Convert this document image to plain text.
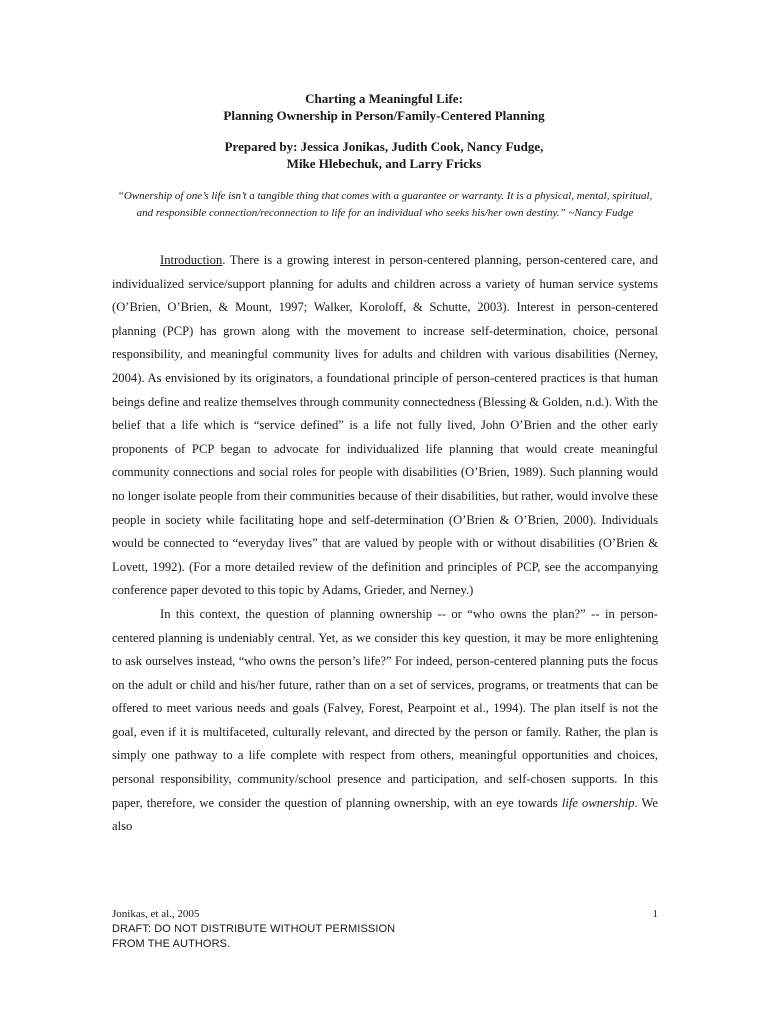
Charting a Meaningful Life:
Planning Ownership in Person/Family-Centered Planning
Prepared by: Jessica Jonikas, Judith Cook, Nancy Fudge,
Mike Hlebechuk, and Larry Fricks
“Ownership of one’s life isn’t a tangible thing that comes with a guarantee or warranty. It is a physical, mental, spiritual, and responsible connection/reconnection to life for an individual who seeks his/her own destiny.” ~Nancy Fudge

Introduction. There is a growing interest in person-centered planning, person-centered care, and individualized service/support planning for adults and children across a variety of human service systems (O’Brien, O’Brien, & Mount, 1997; Walker, Koroloff, & Schutte, 2003). Interest in person-centered planning (PCP) has grown along with the movement to increase self-determination, choice, personal responsibility, and meaningful community lives for adults and children with various disabilities (Nerney, 2004). As envisioned by its originators, a foundational principle of person-centered practices is that human beings define and realize themselves through community connectedness (Blessing & Golden, n.d.). With the belief that a life which is “service defined” is a life not fully lived, John O’Brien and the other early proponents of PCP began to advocate for individualized life planning that would create meaningful community connections and social roles for people with disabilities (O’Brien, 1989). Such planning would no longer isolate people from their communities because of their disabilities, but rather, would involve these people in society while facilitating hope and self-determination (O’Brien & O’Brien, 2000). Individuals would be connected to “everyday lives” that are valued by people with or without disabilities (O’Brien & Lovett, 1992). (For a more detailed review of the definition and principles of PCP, see the accompanying conference paper devoted to this topic by Adams, Grieder, and Nerney.)

In this context, the question of planning ownership -- or “who owns the plan?” -- in person-centered planning is undeniably central. Yet, as we consider this key question, it may be more enlightening to ask ourselves instead, “who owns the person’s life?” For indeed, person-centered planning puts the focus on the adult or child and his/her future, rather than on a set of services, programs, or treatments that can be offered to meet various needs and goals (Falvey, Forest, Pearpoint et al., 1994). The plan itself is not the goal, even if it is multifaceted, culturally relevant, and directed by the person or family. Rather, the plan is simply one pathway to a life complete with respect from others, meaningful opportunities and choices, personal responsibility, community/school presence and participation, and self-chosen supports. In this paper, therefore, we consider the question of planning ownership, with an eye towards life ownership. We also

Jonikas, et al., 2005	1
DRAFT: DO NOT DISTRIBUTE WITHOUT PERMISSION
FROM THE AUTHORS.
